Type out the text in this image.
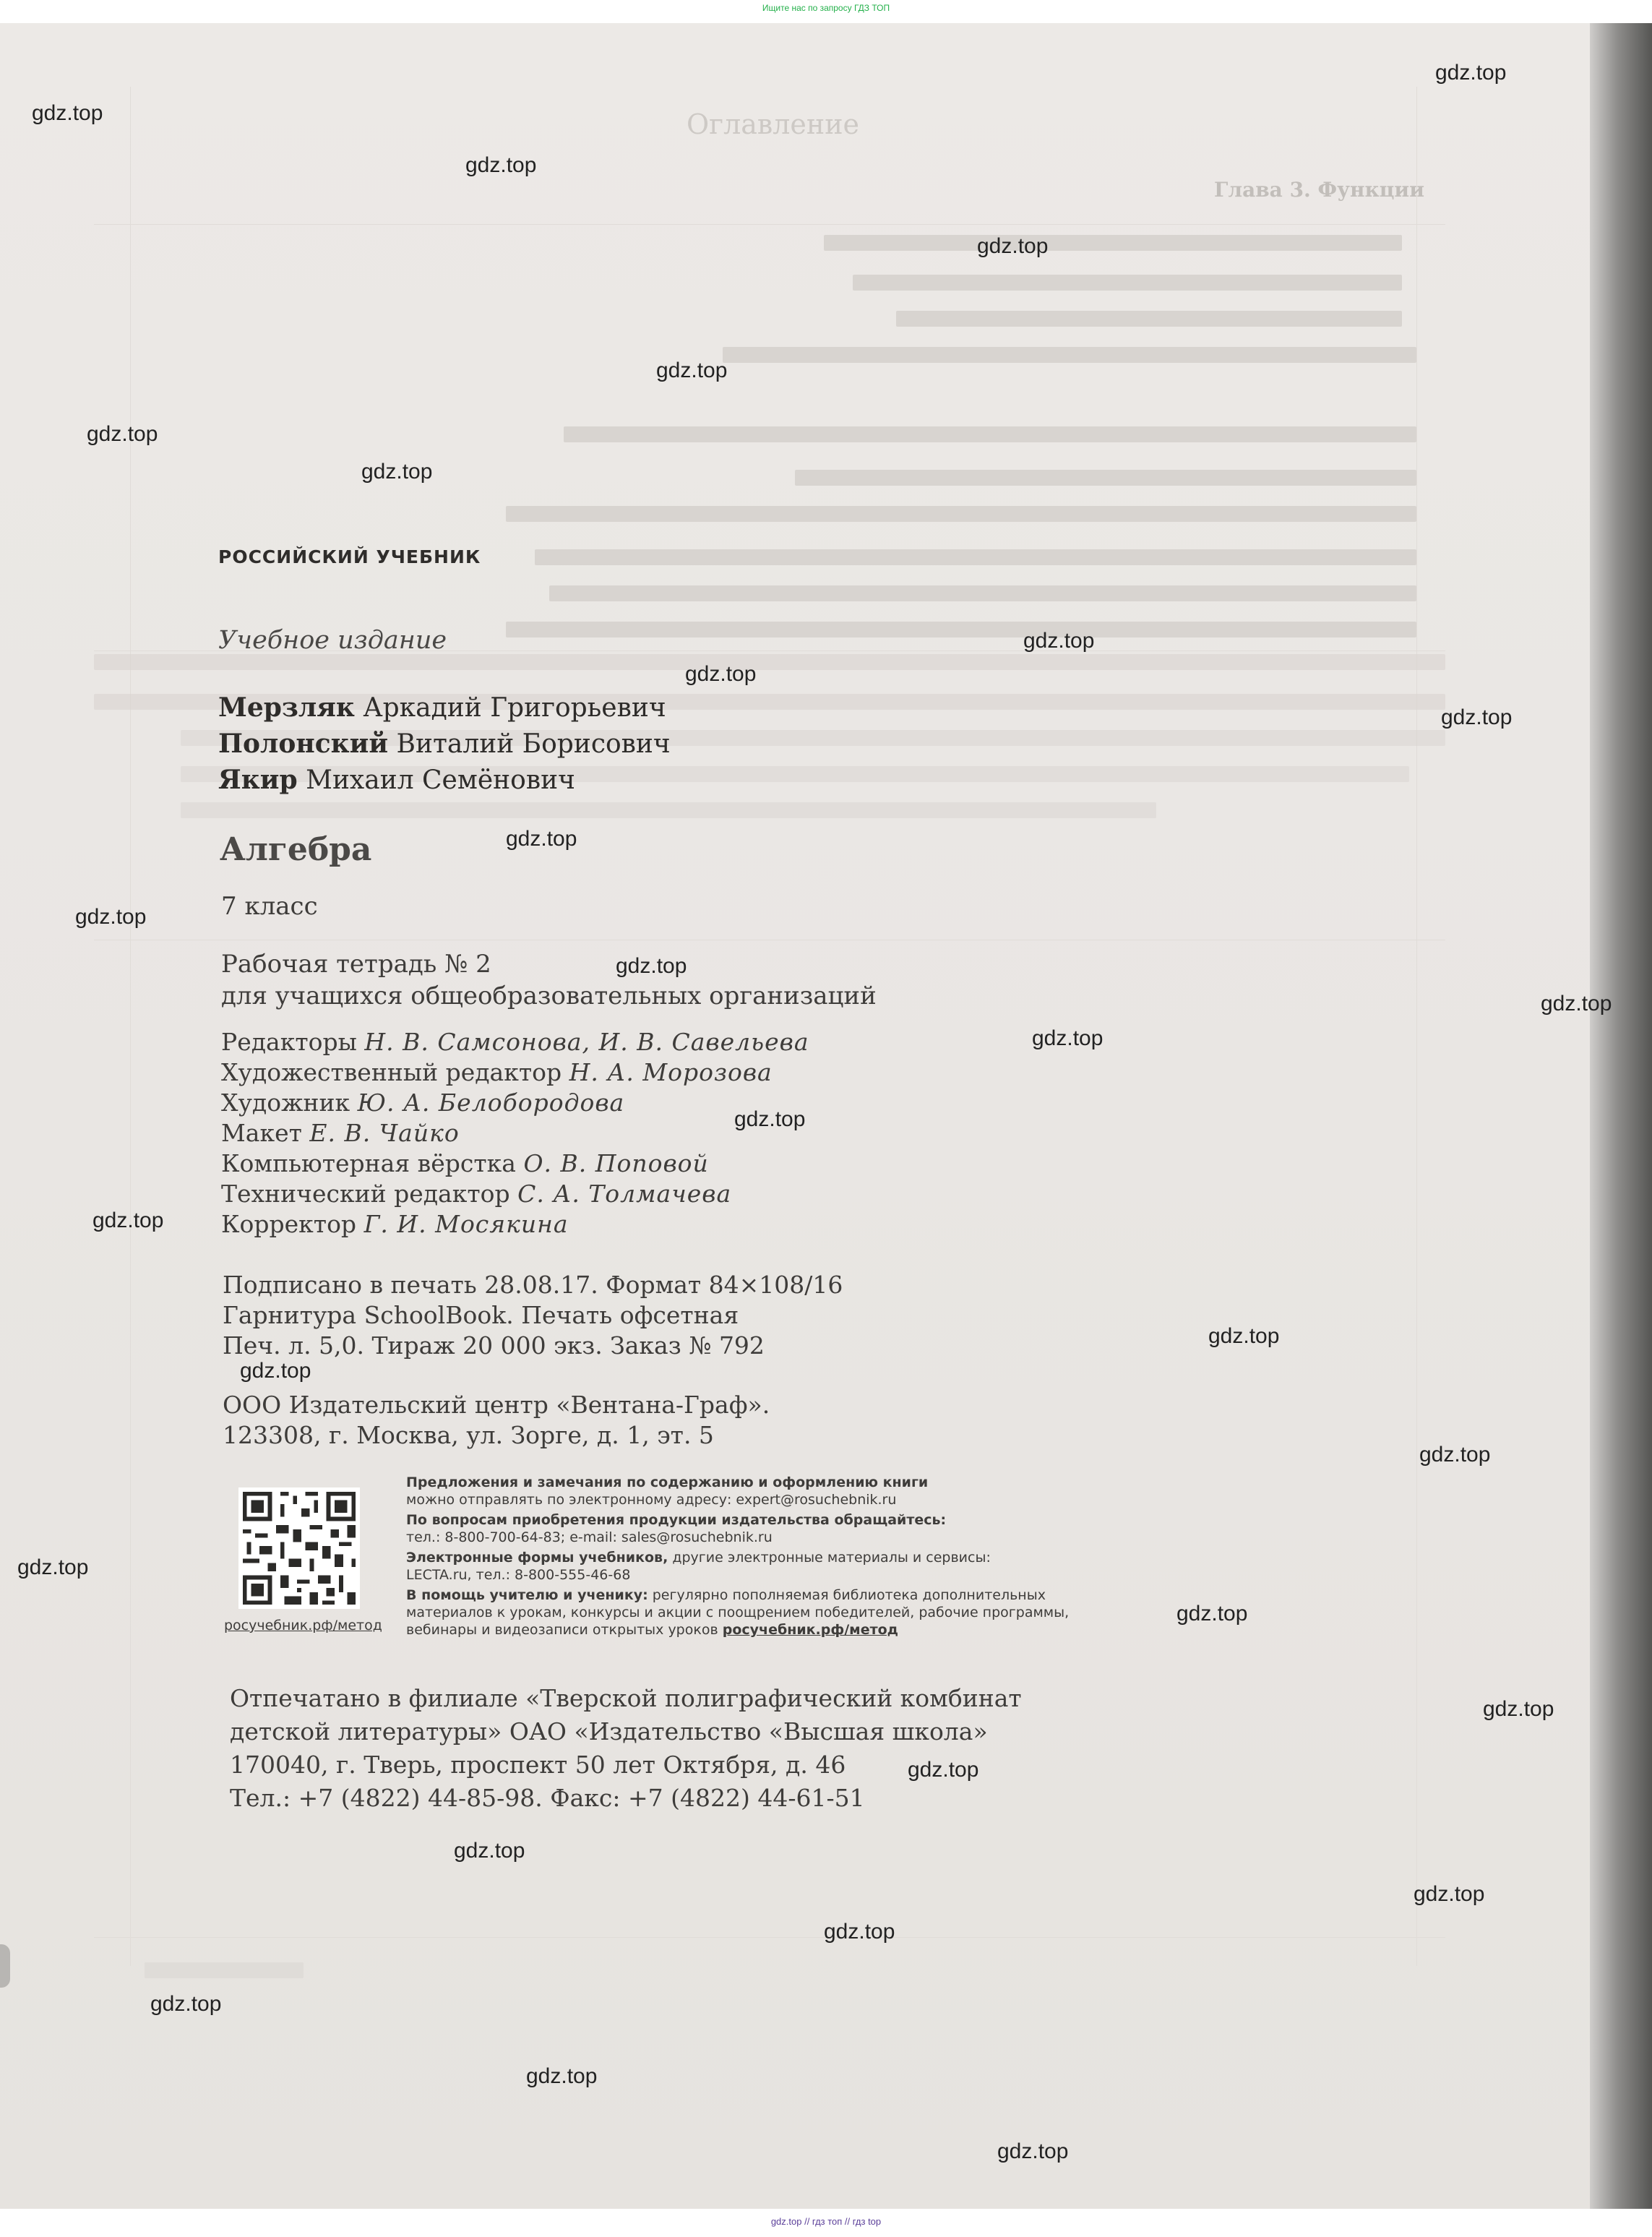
Ищите нас по запросу ГДЗ ТОП
Оглавление
Глава 3. Функции
РОССИЙСКИЙ УЧЕБНИК
Учебное издание
Мерзляк Аркадий Григорьевич
Полонский Виталий Борисович
Якир Михаил Семёнович
Алгебра
7 класс
Рабочая тетрадь № 2
для учащихся общеобразовательных организаций
Редакторы Н. В. Самсонова, И. В. Савельева
Художественный редактор Н. А. Морозова
Художник Ю. А. Белобородова
Макет Е. В. Чайко
Компьютерная вёрстка О. В. Поповой
Технический редактор С. А. Толмачева
Корректор Г. И. Мосякина
Подписано в печать 28.08.17. Формат 84×108/16
Гарнитура SchoolBook. Печать офсетная
Печ. л. 5,0. Тираж 20 000 экз. Заказ № 792
ООО Издательский центр «Вентана-Граф».
123308, г. Москва, ул. Зорге, д. 1, эт. 5
росучебник.рф/метод
Предложения и замечания по содержанию и оформлению книги
можно отправлять по электронному адресу: expert@rosuchebnik.ru
По вопросам приобретения продукции издательства обращайтесь:
тел.: 8-800-700-64-83; e-mail: sales@rosuchebnik.ru
Электронные формы учебников, другие электронные материалы и сервисы:
LECTA.ru, тел.: 8-800-555-46-68
В помощь учителю и ученику: регулярно пополняемая библиотека дополнительных
материалов к урокам, конкурсы и акции с поощрением победителей, рабочие программы,
вебинары и видеозаписи открытых уроков росучебник.рф/метод
Отпечатано в филиале «Тверской полиграфический комбинат
детской литературы» ОАО «Издательство «Высшая школа»
170040, г. Тверь, проспект 50 лет Октября, д. 46
Тел.: +7 (4822) 44-85-98. Факс: +7 (4822) 44-61-51
gdz.top
gdz.top
gdz.top
gdz.top
gdz.top
gdz.top
gdz.top
gdz.top
gdz.top
gdz.top
gdz.top
gdz.top
gdz.top
gdz.top
gdz.top
gdz.top
gdz.top
gdz.top
gdz.top
gdz.top
gdz.top
gdz.top
gdz.top
gdz.top
gdz.top
gdz.top
gdz.top
gdz.top
gdz.top
gdz.top
gdz.top // гдз топ // гдз top
